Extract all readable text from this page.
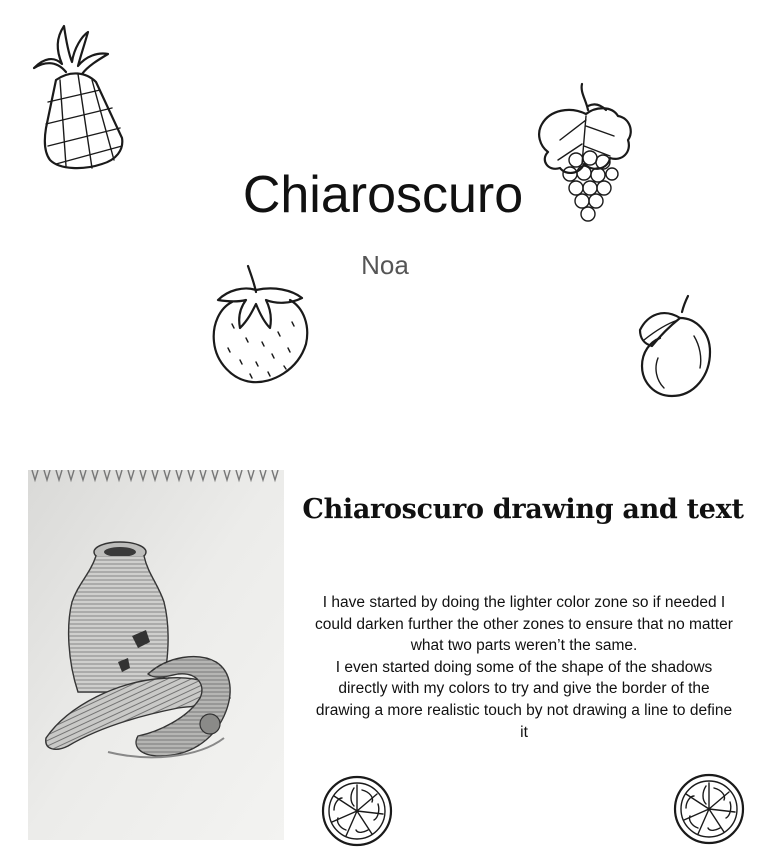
Chiaroscuro
Noa
Chiaroscuro drawing and text

I have started by doing the lighter color zone so if needed I could darken further the other zones to ensure that no matter what two parts weren’t the same.

I even started doing some of the shape of the shadows directly with my colors to try and give the border of the drawing a more realistic touch by not drawing a line to define it
